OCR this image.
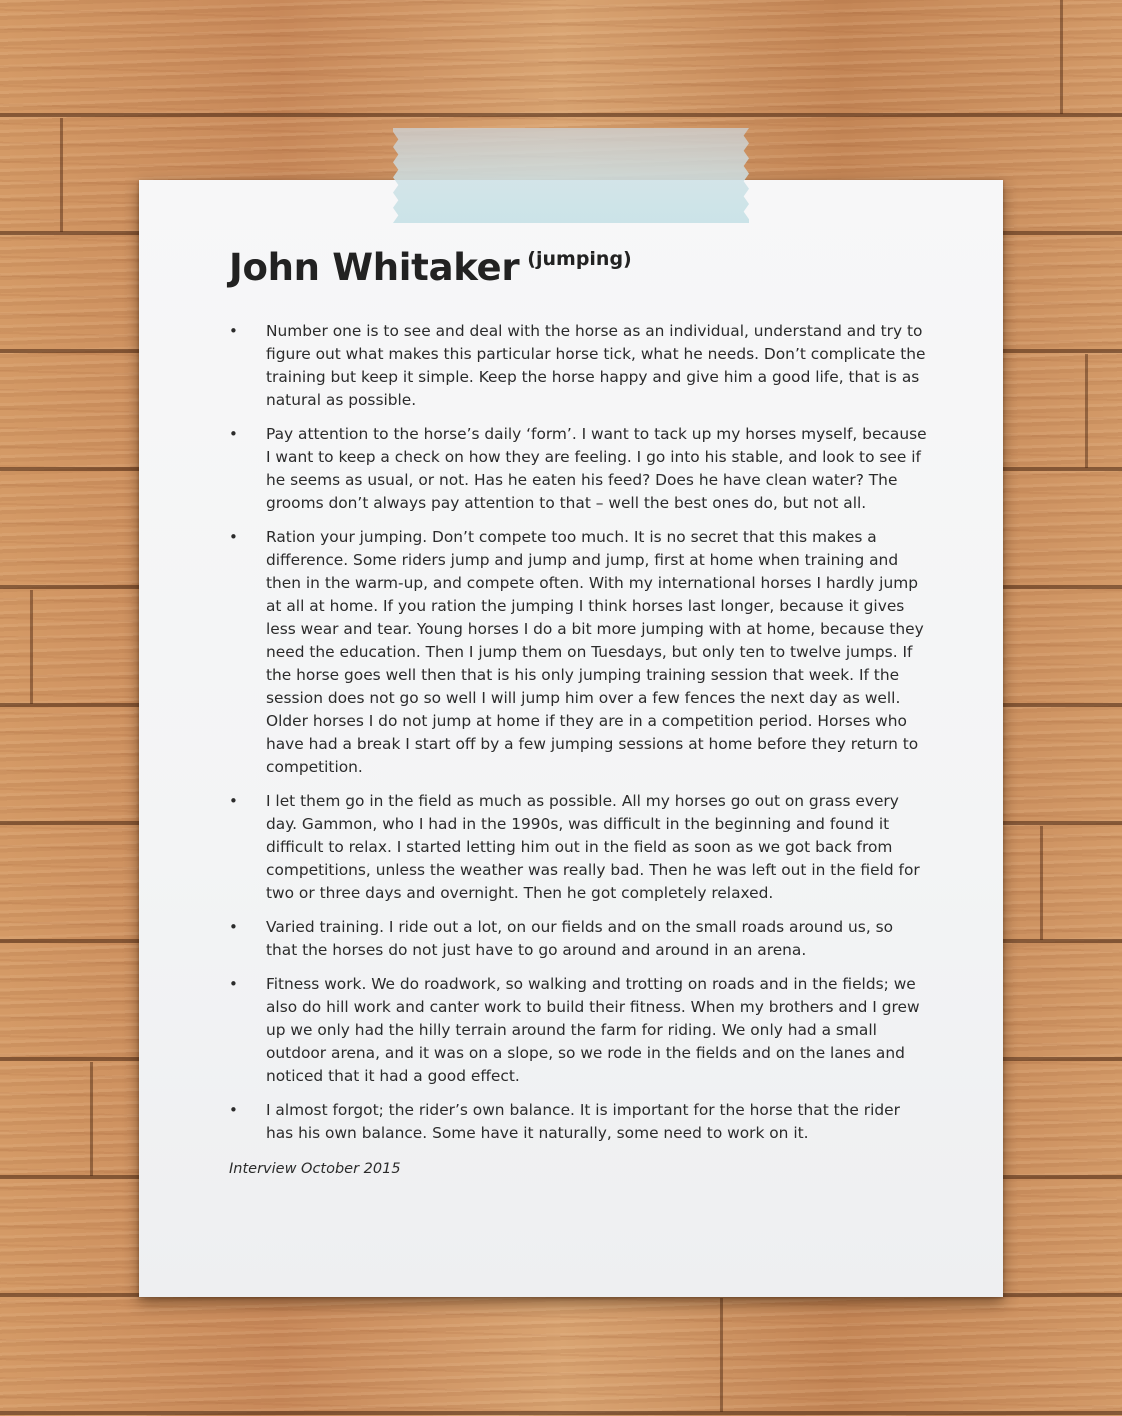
John Whitaker (jumping)
•	Number one is to see and deal with the horse as an individual, understand and try to figure out what makes this particular horse tick, what he needs. Don’t complicate the training but keep it simple. Keep the horse happy and give him a good life, that is as natural as possible.
•	Pay attention to the horse’s daily ‘form’. I want to tack up my horses myself, because I want to keep a check on how they are feeling. I go into his stable, and look to see if he seems as usual, or not. Has he eaten his feed? Does he have clean water? The grooms don’t always pay attention to that – well the best ones do, but not all.
•	Ration your jumping. Don’t compete too much. It is no secret that this makes a difference. Some riders jump and jump and jump, first at home when training and then in the warm-up, and compete often. With my international horses I hardly jump at all at home. If you ration the jumping I think horses last longer, because it gives less wear and tear. Young horses I do a bit more jumping with at home, because they need the education. Then I jump them on Tuesdays, but only ten to twelve jumps. If the horse goes well then that is his only jumping training session that week. If the session does not go so well I will jump him over a few fences the next day as well. Older horses I do not jump at home if they are in a competition period. Horses who have had a break I start off by a few jumping sessions at home before they return to competition.
•	I let them go in the field as much as possible. All my horses go out on grass every day. Gammon, who I had in the 1990s, was difficult in the beginning and found it difficult to relax. I started letting him out in the field as soon as we got back from competitions, unless the weather was really bad. Then he was left out in the field for two or three days and overnight. Then he got completely relaxed.
•	Varied training. I ride out a lot, on our fields and on the small roads around us, so that the horses do not just have to go around and around in an arena.
•	Fitness work. We do roadwork, so walking and trotting on roads and in the fields; we also do hill work and canter work to build their fitness. When my brothers and I grew up we only had the hilly terrain around the farm for riding. We only had a small outdoor arena, and it was on a slope, so we rode in the fields and on the lanes and noticed that it had a good effect.
•	I almost forgot; the rider’s own balance. It is important for the horse that the rider has his own balance. Some have it naturally, some need to work on it.
Interview October 2015
